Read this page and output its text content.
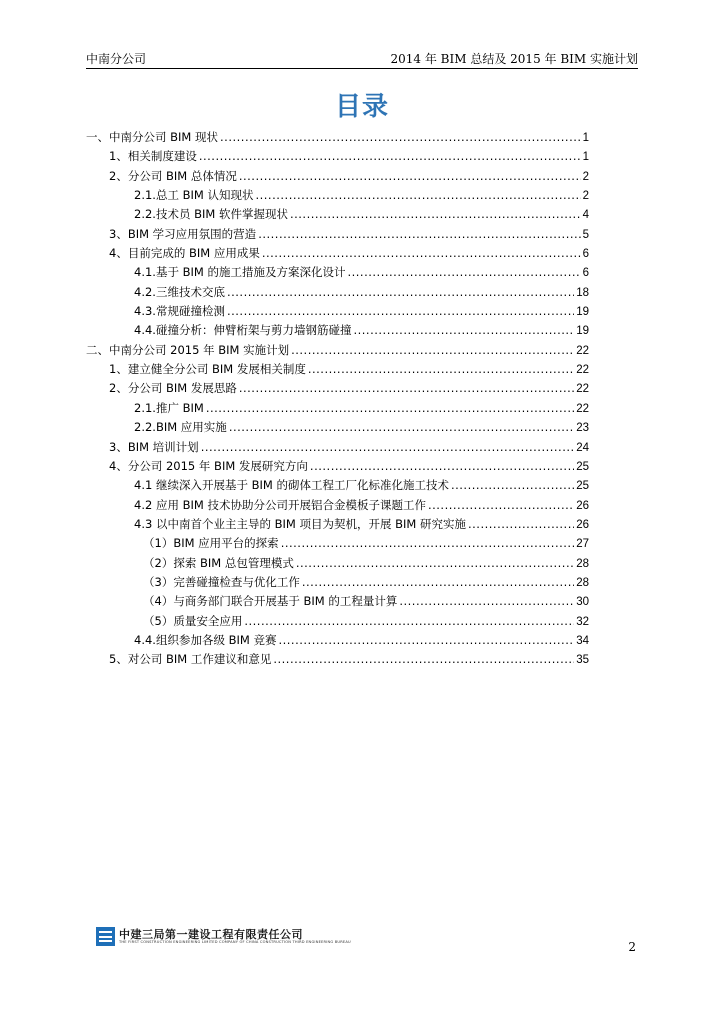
中南分公司	2014 年 BIM 总结及 2015 年 BIM 实施计划
目录
一、中南分公司 BIM 现状 .....	1
1、相关制度建设 .....	1
2、分公司 BIM 总体情况 .....	2
2.1.总工 BIM 认知现状 .....	2
2.2.技术员 BIM 软件掌握现状 .....	4
3、BIM 学习应用氛围的营造 .....	5
4、目前完成的 BIM 应用成果 .....	6
4.1.基于 BIM 的施工措施及方案深化设计 .....	6
4.2.三维技术交底 .....	18
4.3.常规碰撞检测 .....	19
4.4.碰撞分析：伸臂桁架与剪力墙钢筋碰撞 .....	19
二、中南分公司 2015 年 BIM 实施计划 .....	22
1、建立健全分公司 BIM 发展相关制度 .....	22
2、分公司 BIM 发展思路 .....	22
2.1.推广 BIM .....	22
2.2.BIM 应用实施 .....	23
3、BIM 培训计划 .....	24
4、分公司 2015 年 BIM 发展研究方向 .....	25
4.1 继续深入开展基于 BIM 的砌体工程工厂化标准化施工技术 .....	25
4.2 应用 BIM 技术协助分公司开展铝合金模板子课题工作 .....	26
4.3 以中南首个业主主导的 BIM 项目为契机，开展 BIM 研究实施 .....	26
（1）BIM 应用平台的探索 .....	27
（2）探索 BIM 总包管理模式 .....	28
（3）完善碰撞检查与优化工作 .....	28
（4）与商务部门联合开展基于 BIM 的工程量计算 .....	30
（5）质量安全应用 .....	32
4.4.组织参加各级 BIM 竞赛 .....	34
5、对公司 BIM 工作建议和意见 .....	35
中建三局第一建设工程有限责任公司
THE FIRST CONSTRUCTION ENGINEERING LIMITED COMPANY OF CHINA CONSTRUCTION THIRD ENGINEERING BUREAU	2
